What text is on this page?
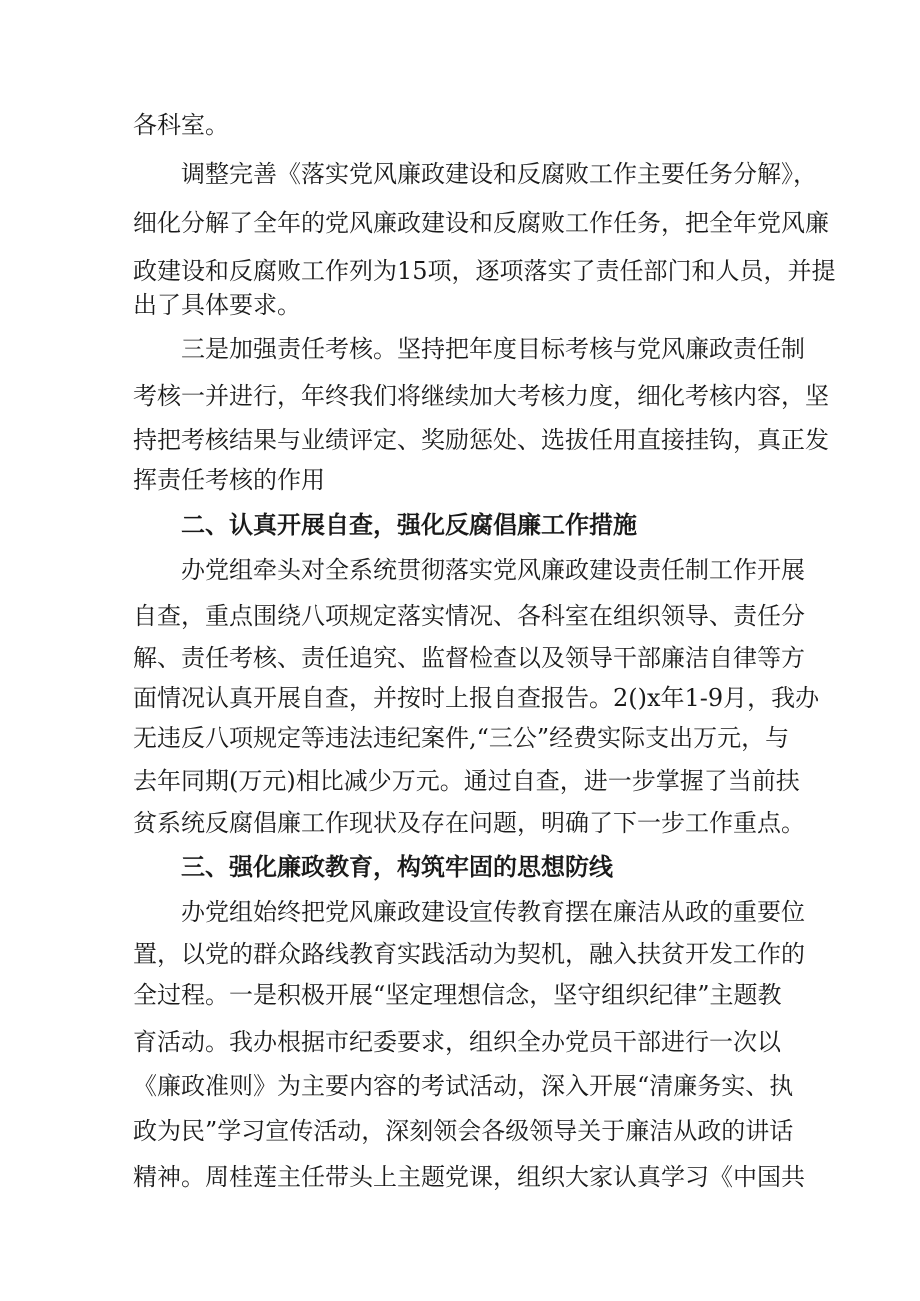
各科室。

调整完善《落实党风廉政建设和反腐败工作主要任务分解》，

细化分解了全年的党风廉政建设和反腐败工作任务，把全年党风廉

政建设和反腐败工作列为15项，逐项落实了责任部门和人员，并提

出了具体要求。

三是加强责任考核。坚持把年度目标考核与党风廉政责任制

考核一并进行，年终我们将继续加大考核力度，细化考核内容，坚

持把考核结果与业绩评定、奖励惩处、选拔任用直接挂钩，真正发

挥责任考核的作用

二、认真开展自查，强化反腐倡廉工作措施

办党组牵头对全系统贯彻落实党风廉政建设责任制工作开展

自查，重点围绕八项规定落实情况、各科室在组织领导、责任分

解、责任考核、责任追究、监督检查以及领导干部廉洁自律等方

面情况认真开展自查，并按时上报自查报告。2()x年1-9月，我办

无违反八项规定等违法违纪案件,“三公”经费实际支出万元，与

去年同期(万元)相比减少万元。通过自查，进一步掌握了当前扶

贫系统反腐倡廉工作现状及存在问题，明确了下一步工作重点。

三、强化廉政教育，构筑牢固的思想防线

办党组始终把党风廉政建设宣传教育摆在廉洁从政的重要位

置，以党的群众路线教育实践活动为契机，融入扶贫开发工作的

全过程。一是积极开展“坚定理想信念，坚守组织纪律”主题教

育活动。我办根据市纪委要求，组织全办党员干部进行一次以

《廉政准则》为主要内容的考试活动，深入开展“清廉务实、执

政为民”学习宣传活动，深刻领会各级领导关于廉洁从政的讲话

精神。周桂莲主任带头上主题党课，组织大家认真学习《中国共
